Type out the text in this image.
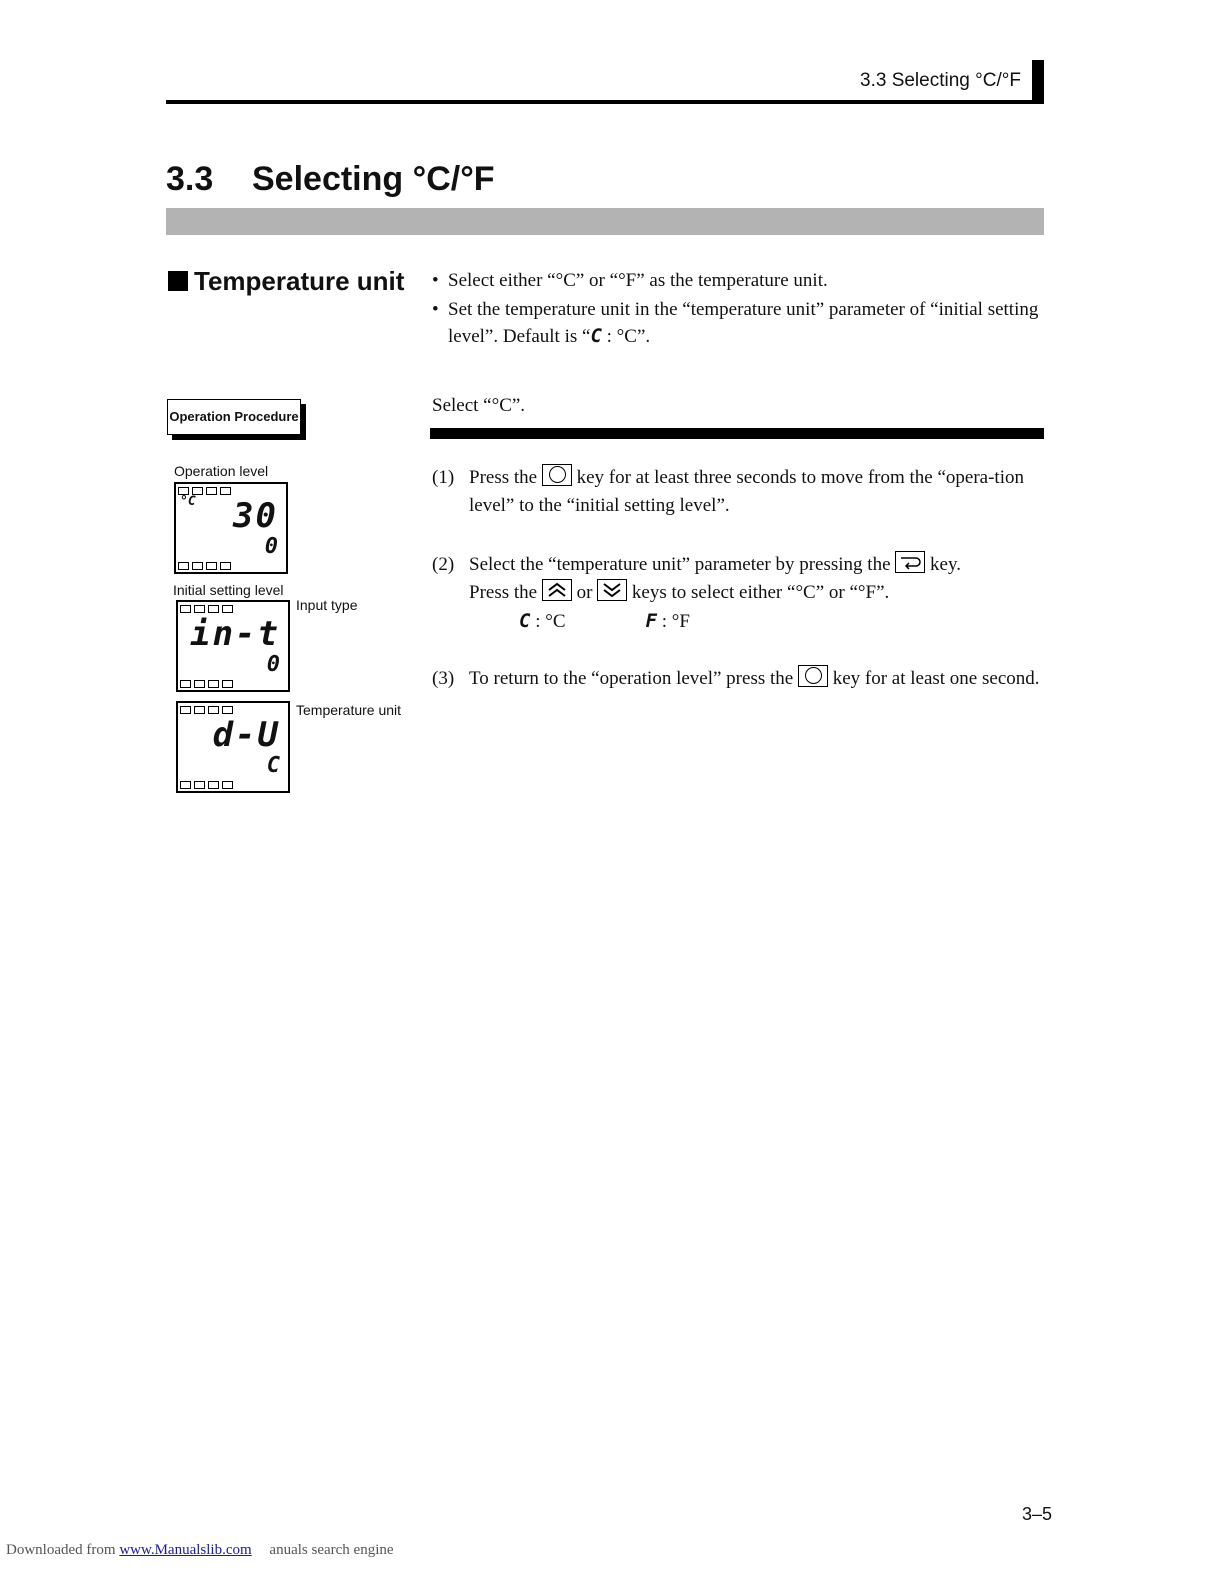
3.3 Selecting °C/°F
3.3 Selecting °C/°F
Temperature unit • Select either “°C” or “°F” as the temperature unit.
• Set the temperature unit in the “temperature unit” parameter of “initial setting level”. Default is “C : °C”.
Operation Procedure
Select “°C”.
Operation level
°C 30
0
Initial setting level
Input type
in-t
0
Temperature unit
d-U
C
(1) Press the key for at least three seconds to move from the “opera-tion level” to the “initial setting level”.
(2) Select the “temperature unit” parameter by pressing the key.
Press the or keys to select either “°C” or “°F”.
C : °C	F : °F
(3) To return to the “operation level” press the key for at least one second.
3–5
Downloaded from www.Manualslib.com anuals search engine
